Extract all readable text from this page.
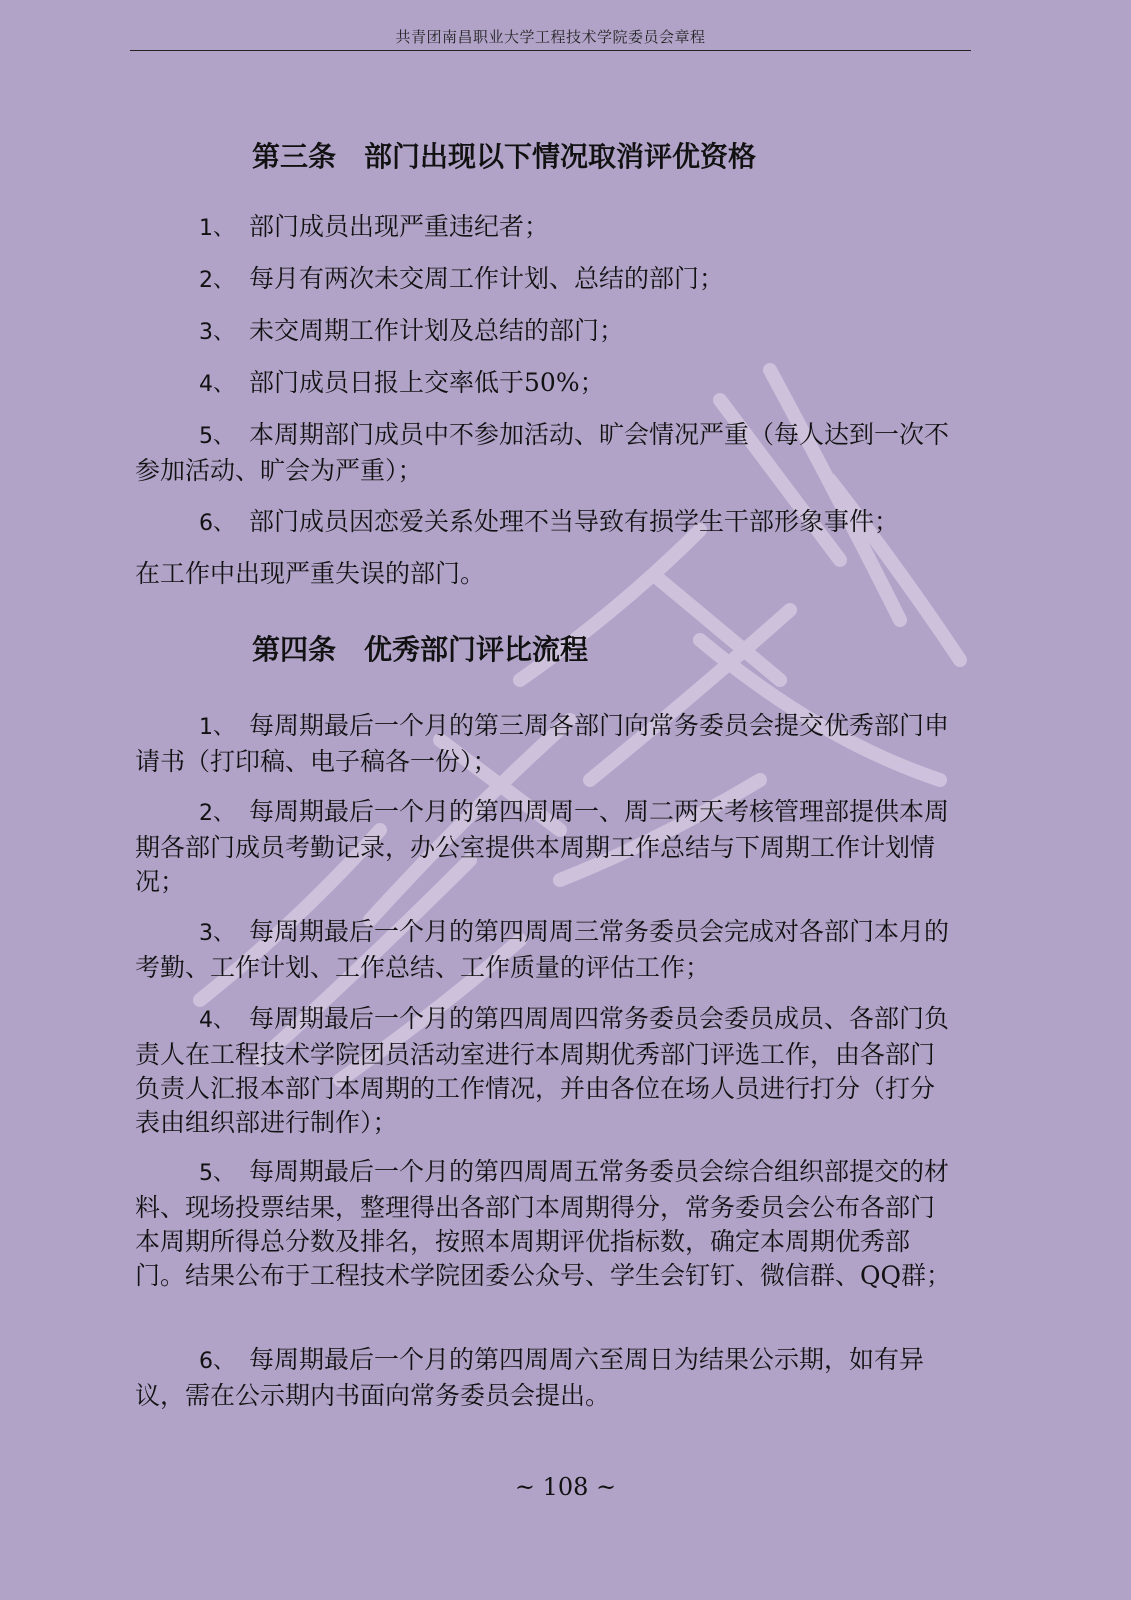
共青团南昌职业大学工程技术学院委员会章程
第三条 部门出现以下情况取消评优资格
1、 部门成员出现严重违纪者；
2、 每月有两次未交周工作计划、总结的部门；
3、 未交周期工作计划及总结的部门；
4、 部门成员日报上交率低于50%；
5、 本周期部门成员中不参加活动、旷会情况严重（每人达到一次不参加活动、旷会为严重）；
6、 部门成员因恋爱关系处理不当导致有损学生干部形象事件；
在工作中出现严重失误的部门。
第四条 优秀部门评比流程
1、 每周期最后一个月的第三周各部门向常务委员会提交优秀部门申请书（打印稿、电子稿各一份）；
2、 每周期最后一个月的第四周周一、周二两天考核管理部提供本周期各部门成员考勤记录，办公室提供本周期工作总结与下周期工作计划情况；
3、 每周期最后一个月的第四周周三常务委员会完成对各部门本月的考勤、工作计划、工作总结、工作质量的评估工作；
4、 每周期最后一个月的第四周周四常务委员会委员成员、各部门负责人在工程技术学院团员活动室进行本周期优秀部门评选工作，由各部门负责人汇报本部门本周期的工作情况，并由各位在场人员进行打分（打分表由组织部进行制作）；
5、 每周期最后一个月的第四周周五常务委员会综合组织部提交的材料、现场投票结果，整理得出各部门本周期得分，常务委员会公布各部门本周期所得总分数及排名，按照本周期评优指标数，确定本周期优秀部门。结果公布于工程技术学院团委公众号、学生会钉钉、微信群、QQ群；
6、 每周期最后一个月的第四周周六至周日为结果公示期，如有异议，需在公示期内书面向常务委员会提出。
~ 108 ~
